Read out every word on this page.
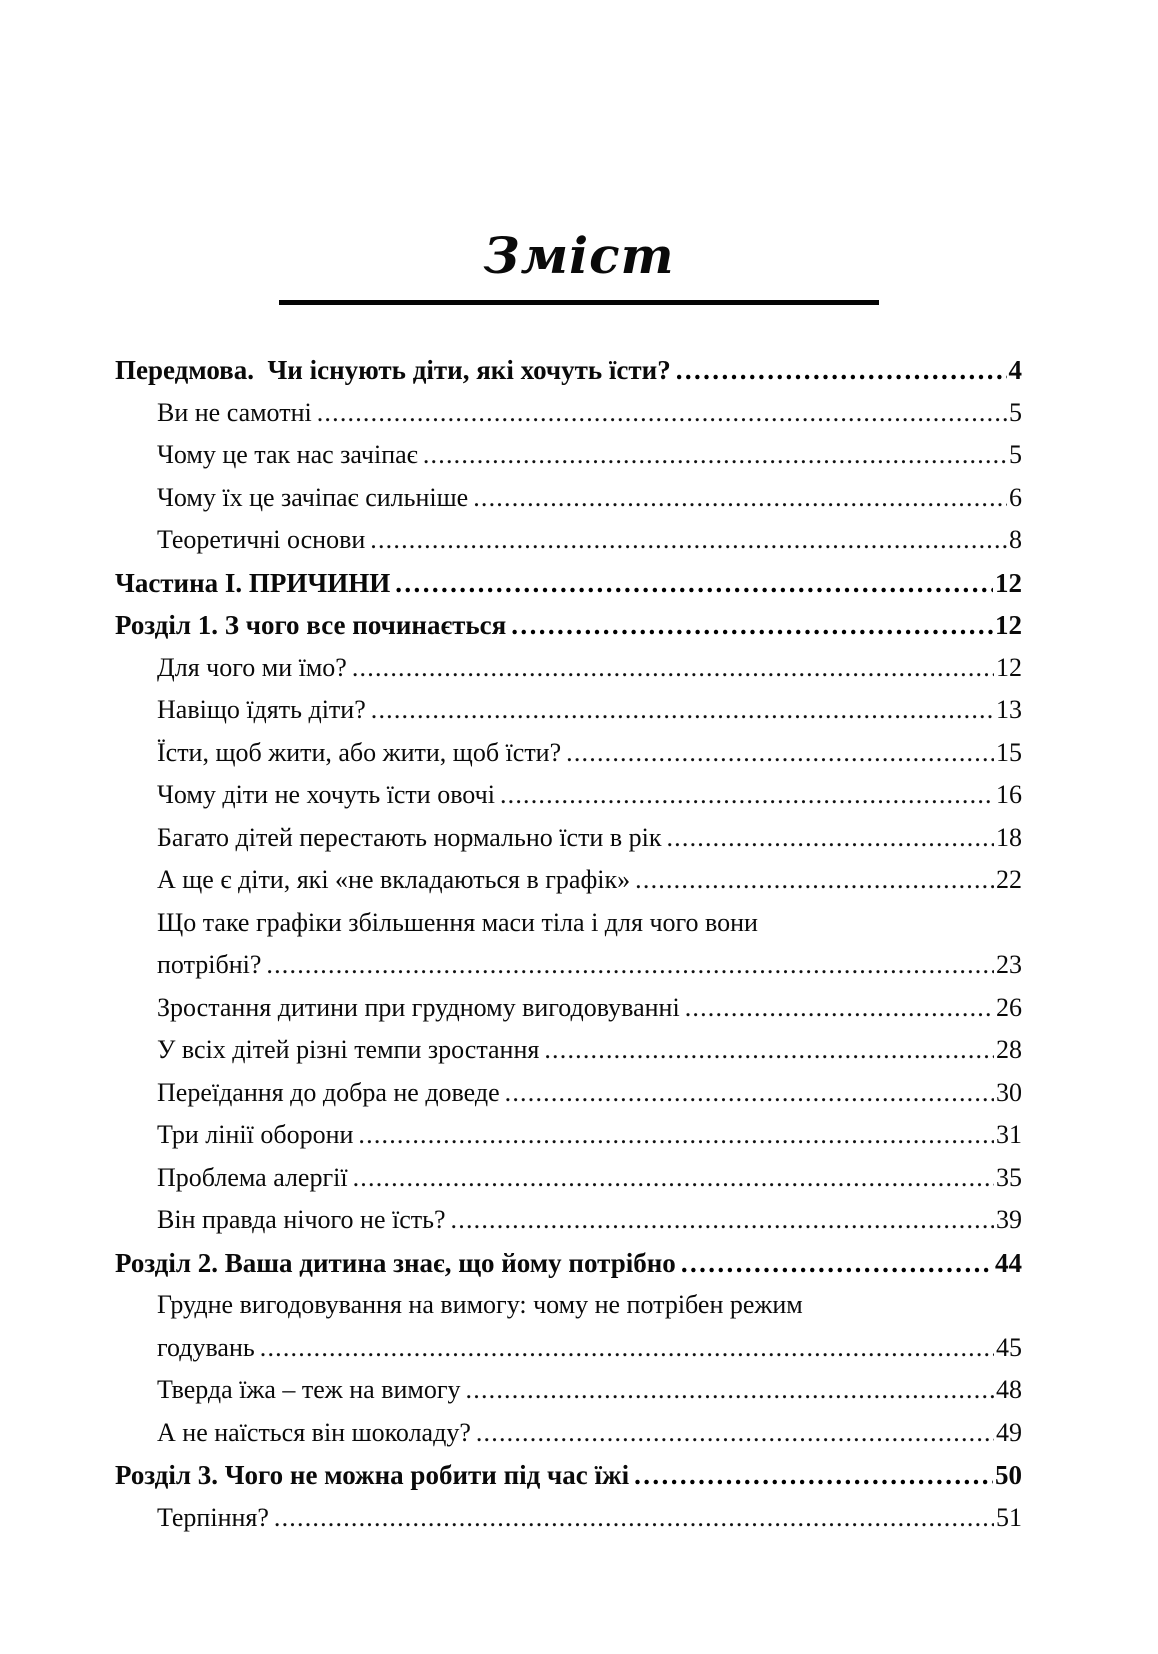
Зміст
Передмова.  Чи існують діти, які хочуть їсти? .....	4
Ви не самотні .....	5
Чому це так нас зачіпає .....	5
Чому їх це зачіпає сильніше .....	6
Теоретичні основи .....	8
Частина І. ПРИЧИНИ .....	12
Розділ 1. З чого все починається .....	12
Для чого ми їмо? .....	12
Навіщо їдять діти? .....	13
Їсти, щоб жити, або жити, щоб їсти? .....	15
Чому діти не хочуть їсти овочі .....	16
Багато дітей перестають нормально їсти в рік .....	18
А ще є діти, які «не вкладаються в графік» .....	22
Що таке графіки збільшення маси тіла і для чого вони
потрібні? .....	23
Зростання дитини при грудному вигодовуванні .....	26
У всіх дітей різні темпи зростання .....	28
Переїдання до добра не доведе .....	30
Три лінії оборони .....	31
Проблема алергії .....	35
Він правда нічого не їсть? .....	39
Розділ 2. Ваша дитина знає, що йому потрібно .....	44
Грудне вигодовування на вимогу: чому не потрібен режим
годувань .....	45
Тверда їжа – теж на вимогу .....	48
А не наїсться він шоколаду? .....	49
Розділ 3. Чого не можна робити під час їжі .....	50
Терпіння? .....	51
